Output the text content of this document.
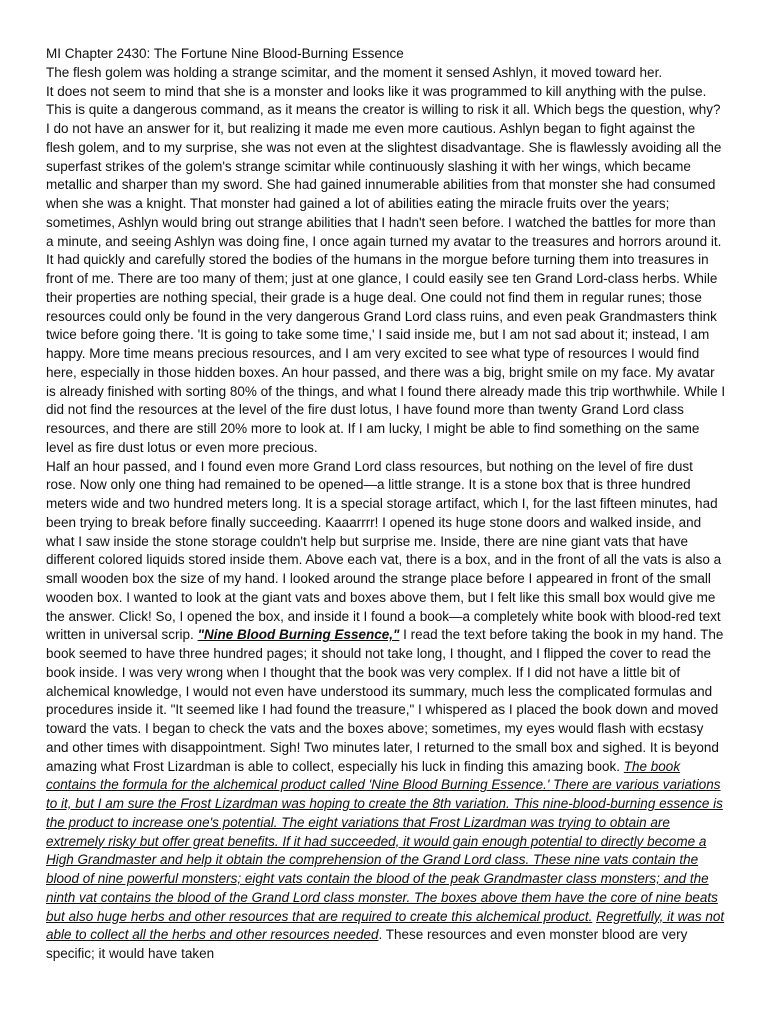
MI Chapter 2430: The Fortune Nine Blood-Burning Essence

The flesh golem was holding a strange scimitar, and the moment it sensed Ashlyn, it moved toward her.

It does not seem to mind that she is a monster and looks like it was programmed to kill anything with the pulse. This is quite a dangerous command, as it means the creator is willing to risk it all. Which begs the question, why? I do not have an answer for it, but realizing it made me even more cautious. Ashlyn began to fight against the flesh golem, and to my surprise, she was not even at the slightest disadvantage. She is flawlessly avoiding all the superfast strikes of the golem's strange scimitar while continuously slashing it with her wings, which became metallic and sharper than my sword. She had gained innumerable abilities from that monster she had consumed when she was a knight. That monster had gained a lot of abilities eating the miracle fruits over the years; sometimes, Ashlyn would bring out strange abilities that I hadn't seen before. I watched the battles for more than a minute, and seeing Ashlyn was doing fine, I once again turned my avatar to the treasures and horrors around it. It had quickly and carefully stored the bodies of the humans in the morgue before turning them into treasures in front of me. There are too many of them; just at one glance, I could easily see ten Grand Lord-class herbs. While their properties are nothing special, their grade is a huge deal. One could not find them in regular runes; those resources could only be found in the very dangerous Grand Lord class ruins, and even peak Grandmasters think twice before going there. 'It is going to take some time,' I said inside me, but I am not sad about it; instead, I am happy. More time means precious resources, and I am very excited to see what type of resources I would find here, especially in those hidden boxes. An hour passed, and there was a big, bright smile on my face. My avatar is already finished with sorting 80% of the things, and what I found there already made this trip worthwhile. While I did not find the resources at the level of the fire dust lotus, I have found more than twenty Grand Lord class resources, and there are still 20% more to look at. If I am lucky, I might be able to find something on the same level as fire dust lotus or even more precious.

Half an hour passed, and I found even more Grand Lord class resources, but nothing on the level of fire dust rose. Now only one thing had remained to be opened—a little strange. It is a stone box that is three hundred meters wide and two hundred meters long. It is a special storage artifact, which I, for the last fifteen minutes, had been trying to break before finally succeeding. Kaaarrrr! I opened its huge stone doors and walked inside, and what I saw inside the stone storage couldn't help but surprise me. Inside, there are nine giant vats that have different colored liquids stored inside them. Above each vat, there is a box, and in the front of all the vats is also a small wooden box the size of my hand. I looked around the strange place before I appeared in front of the small wooden box. I wanted to look at the giant vats and boxes above them, but I felt like this small box would give me the answer. Click! So, I opened the box, and inside it I found a book—a completely white book with blood-red text written in universal scrip. "Nine Blood Burning Essence," I read the text before taking the book in my hand. The book seemed to have three hundred pages; it should not take long, I thought, and I flipped the cover to read the book inside. I was very wrong when I thought that the book was very complex. If I did not have a little bit of alchemical knowledge, I would not even have understood its summary, much less the complicated formulas and procedures inside it. "It seemed like I had found the treasure," I whispered as I placed the book down and moved toward the vats. I began to check the vats and the boxes above; sometimes, my eyes would flash with ecstasy and other times with disappointment. Sigh! Two minutes later, I returned to the small box and sighed. It is beyond amazing what Frost Lizardman is able to collect, especially his luck in finding this amazing book. The book contains the formula for the alchemical product called 'Nine Blood Burning Essence.' There are various variations to it, but I am sure the Frost Lizardman was hoping to create the 8th variation. This nine-blood-burning essence is the product to increase one's potential. The eight variations that Frost Lizardman was trying to obtain are extremely risky but offer great benefits. If it had succeeded, it would gain enough potential to directly become a High Grandmaster and help it obtain the comprehension of the Grand Lord class. These nine vats contain the blood of nine powerful monsters; eight vats contain the blood of the peak Grandmaster class monsters; and the ninth vat contains the blood of the Grand Lord class monster. The boxes above them have the core of nine beats but also huge herbs and other resources that are required to create this alchemical product. Regretfully, it was not able to collect all the herbs and other resources needed. These resources and even monster blood are very specific; it would have taken
